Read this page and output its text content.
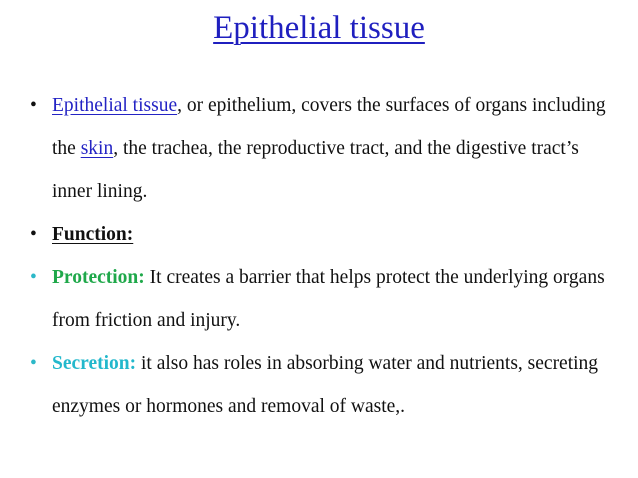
Epithelial tissue
• Epithelial tissue, or epithelium, covers the surfaces of organs including the skin, the trachea, the reproductive tract, and the digestive tract’s inner lining.
• Function:
• Protection: It creates a barrier that helps protect the underlying organs from friction and injury.
• Secretion: it also has roles in absorbing water and nutrients, secreting enzymes or hormones and removal of waste,.
